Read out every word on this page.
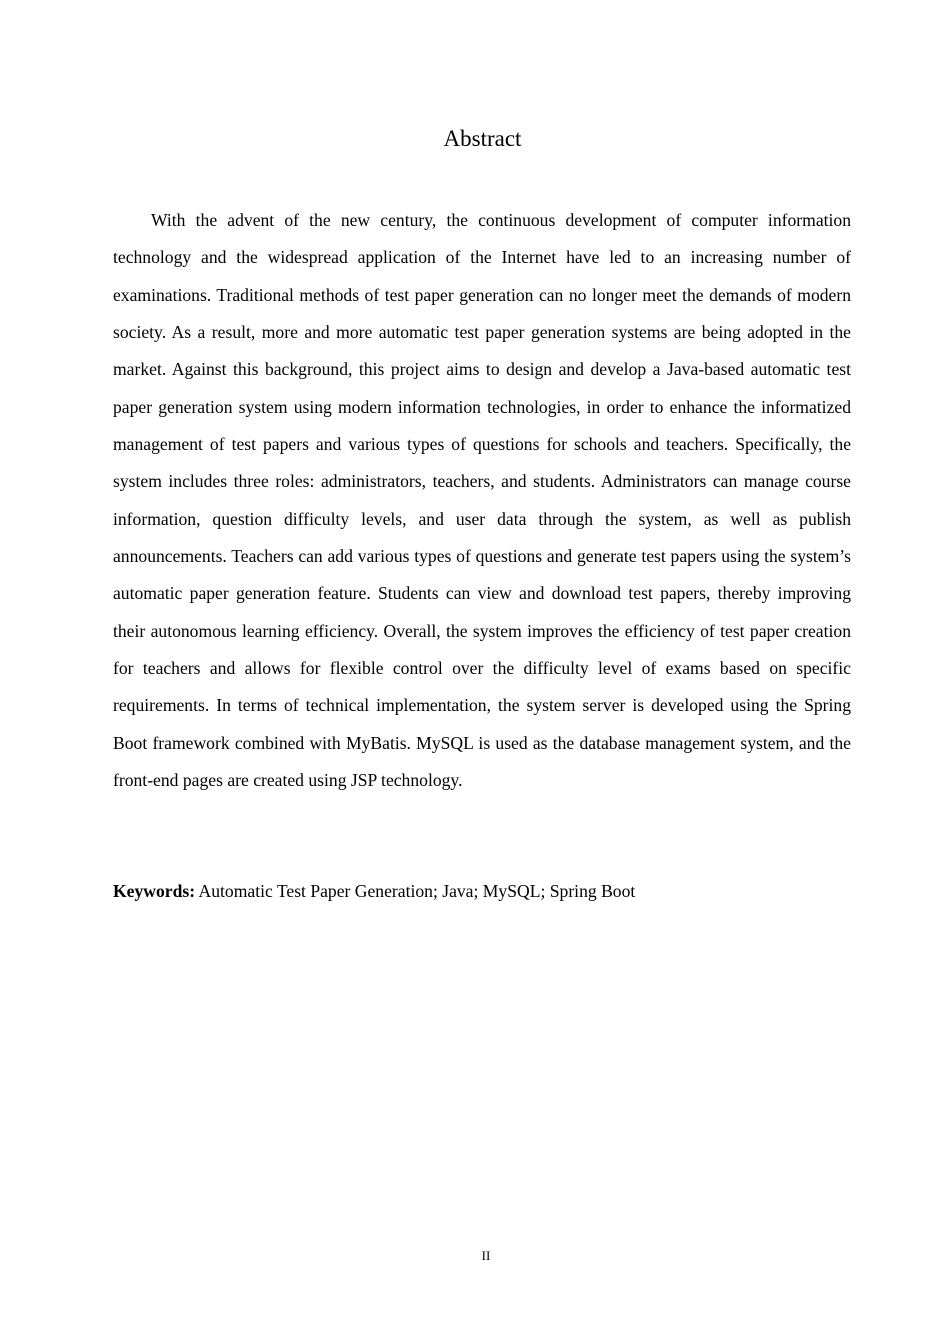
Abstract

With the advent of the new century, the continuous development of computer information technology and the widespread application of the Internet have led to an increasing number of examinations. Traditional methods of test paper generation can no longer meet the demands of modern society. As a result, more and more automatic test paper generation systems are being adopted in the market. Against this background, this project aims to design and develop a Java-based automatic test paper generation system using modern information technologies, in order to enhance the informatized management of test papers and various types of questions for schools and teachers. Specifically, the system includes three roles: administrators, teachers, and students. Administrators can manage course information, question difficulty levels, and user data through the system, as well as publish announcements. Teachers can add various types of questions and generate test papers using the system’s automatic paper generation feature. Students can view and download test papers, thereby improving their autonomous learning efficiency. Overall, the system improves the efficiency of test paper creation for teachers and allows for flexible control over the difficulty level of exams based on specific requirements. In terms of technical implementation, the system server is developed using the Spring Boot framework combined with MyBatis. MySQL is used as the database management system, and the front-end pages are created using JSP technology.

Keywords: Automatic Test Paper Generation; Java; MySQL; Spring Boot

II
